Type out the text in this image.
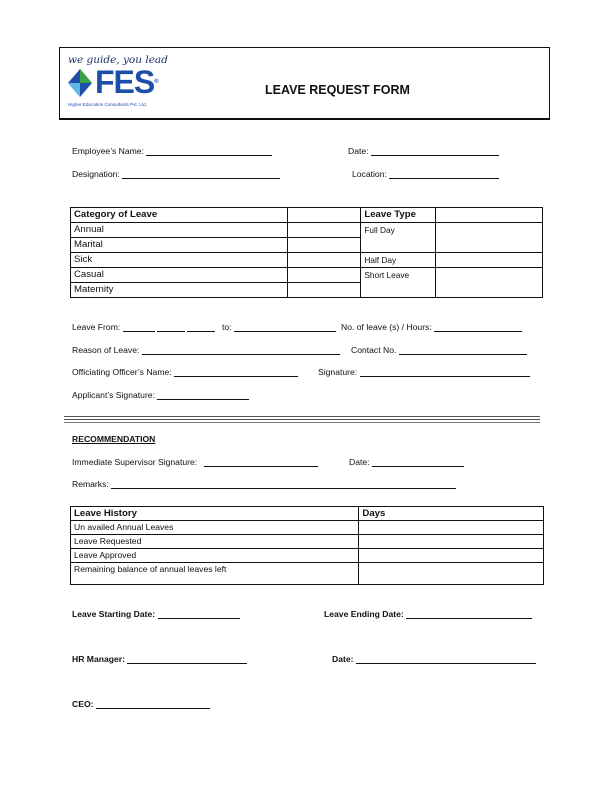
we guide, you lead
FES®
Higher Education Consultants Pvt. Ltd.
LEAVE REQUEST FORM
Employee’s Name:	Date:
Designation:	Location:
Category of Leave		Leave Type	
Annual		Full Day	
Marital			
Sick		Half Day	
Casual		Short Leave	
Maternity			
Leave From:	to:	No. of leave (s) / Hours:
Reason of Leave:	Contact No.
Officiating Officer’s Name:	Signature:
Applicant’s Signature:
RECOMMENDATION
Immediate Supervisor Signature:	Date:
Remarks:
Leave History	Days
Un availed Annual Leaves	
Leave Requested	
Leave Approved	
Remaining balance of annual leaves left	
Leave Starting Date:	Leave Ending Date:
HR Manager:	Date:
CEO:
